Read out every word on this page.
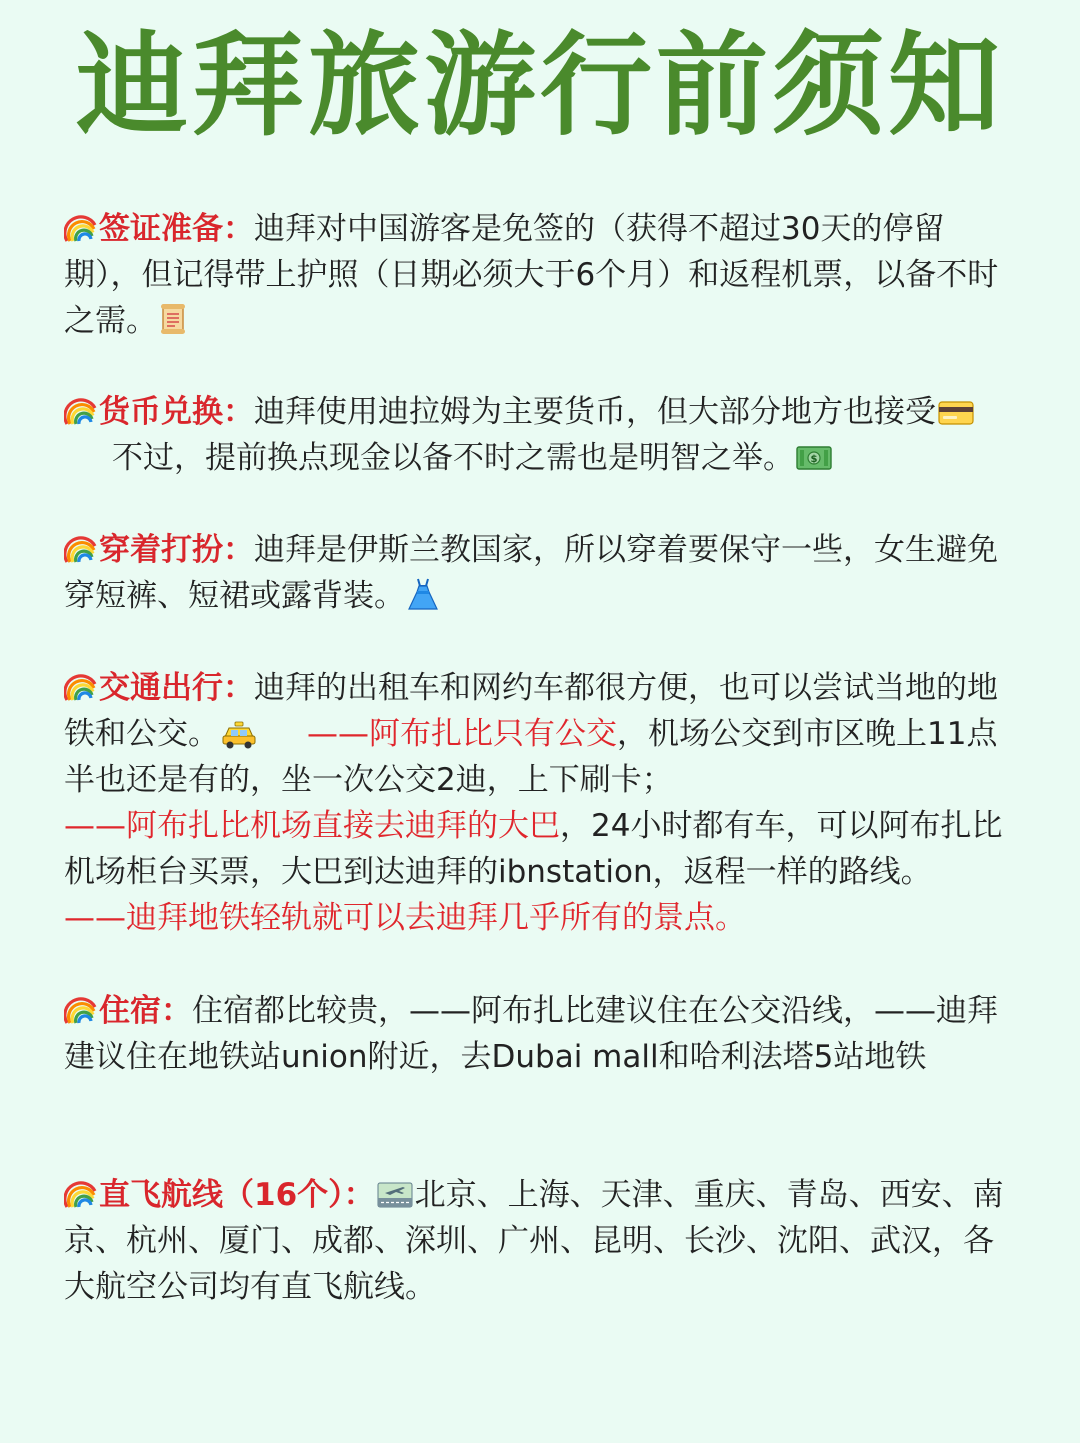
迪拜旅游行前须知

签证准备：迪拜对中国游客是免签的（获得不超过30天的停留期），但记得带上护照（日期必须大于6个月）和返程机票，以备不时之需。

货币兑换：迪拜使用迪拉姆为主要货币，但大部分地方也接受不过，提前换点现金以备不时之需也是明智之举。 $

穿着打扮：迪拜是伊斯兰教国家，所以穿着要保守一些，女生避免穿短裤、短裙或露背装。

交通出行：迪拜的出租车和网约车都很方便，也可以尝试当地的地铁和公交。	——阿布扎比只有公交，机场公交到市区晚上11点半也还是有的，坐一次公交2迪，上下刷卡；
——阿布扎比机场直接去迪拜的大巴，24小时都有车，可以阿布扎比机场柜台买票，大巴到达迪拜的ibnstation，返程一样的路线。——迪拜地铁轻轨就可以去迪拜几乎所有的景点。

住宿：住宿都比较贵，——阿布扎比建议住在公交沿线，——迪拜建议住在地铁站union附近，去Dubai mall和哈利法塔5站地铁

直飞航线（16个）： 北京、上海、天津、重庆、青岛、西安、南京、杭州、厦门、成都、深圳、广州、昆明、长沙、沈阳、武汉，各大航空公司均有直飞航线。
